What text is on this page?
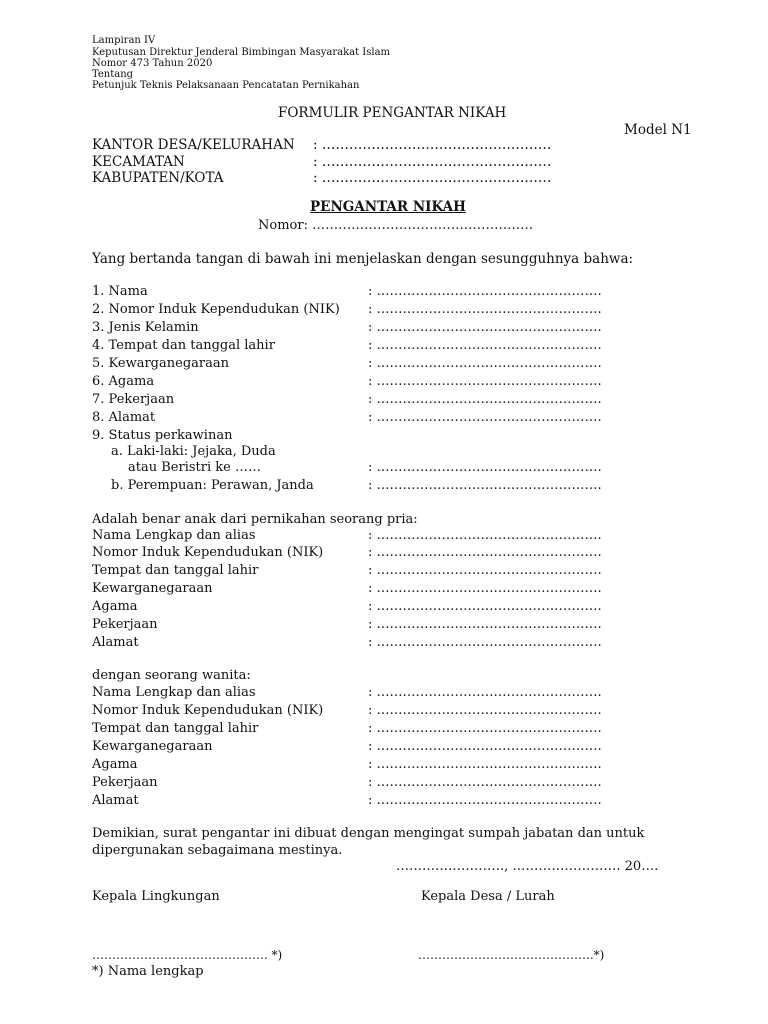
Lampiran IV
Keputusan Direktur Jenderal Bimbingan Masyarakat Islam
Nomor 473 Tahun 2020
Tentang
Petunjuk Teknis Pelaksanaan Pencatatan Pernikahan
FORMULIR PENGANTAR NIKAH
Model N1
KANTOR DESA/KELURAHAN : ……………………………………………
KECAMATAN	: ……………………………………………
KABUPATEN/KOTA	: ……………………………………………
PENGANTAR NIKAH
Nomor: ……………………………………………
Yang bertanda tangan di bawah ini menjelaskan dengan sesungguhnya bahwa:
1. Nama	: …………………………………………….
2. Nomor Induk Kependudukan (NIK) : …………………………………………….
3. Jenis Kelamin	: …………………………………………….
4. Tempat dan tanggal lahir	: …………………………………………….
5. Kewarganegaraan	: …………………………………………….
6. Agama	: …………………………………………….
7. Pekerjaan	: …………………………………………….
8. Alamat	: …………………………………………….
9. Status perkawinan
a. Laki-laki: Jejaka, Duda
atau Beristri ke ……	: …………………………………………….
b. Perempuan: Perawan, Janda	: …………………………………………….
Adalah benar anak dari pernikahan seorang pria:
Nama Lengkap dan alias	: …………………………………………….
Nomor Induk Kependudukan (NIK)	: …………………………………………….
Tempat dan tanggal lahir	: …………………………………………….
Kewarganegaraan	: …………………………………………….
Agama	: …………………………………………….
Pekerjaan	: …………………………………………….
Alamat	: …………………………………………….
dengan seorang wanita:
Nama Lengkap dan alias	: …………………………………………….
Nomor Induk Kependudukan (NIK)	: …………………………………………….
Tempat dan tanggal lahir	: …………………………………………….
Kewarganegaraan	: …………………………………………….
Agama	: …………………………………………….
Pekerjaan	: …………………………………………….
Alamat	: …………………………………………….
Demikian, surat pengantar ini dibuat dengan mengingat sumpah jabatan dan untuk
dipergunakan sebagaimana mestinya.
……………………., ……………………. 20….
Kepala Lingkungan	Kepala Desa / Lurah
…………………………………….. *)	……………………………………..*)
*) Nama lengkap
